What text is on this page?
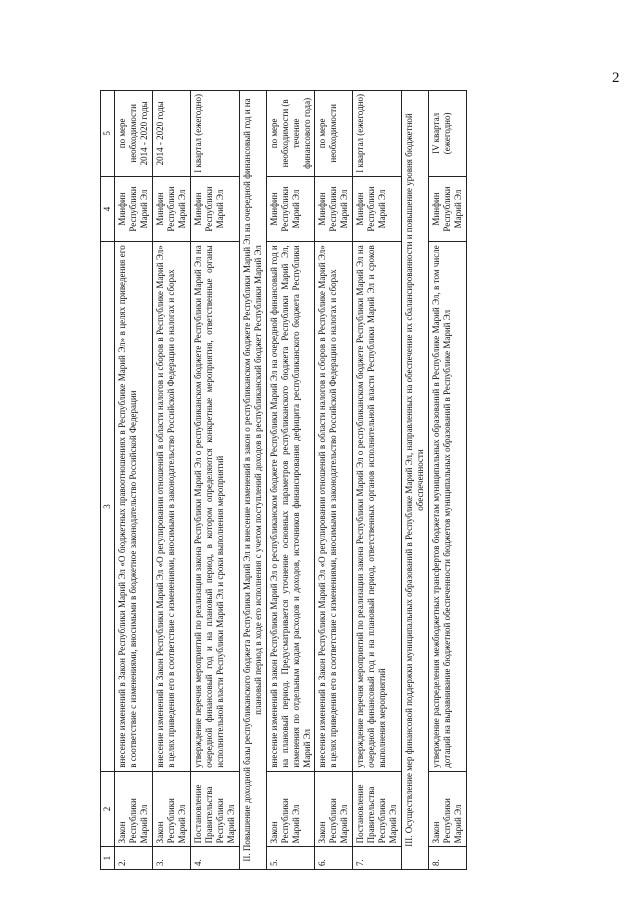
2
1	2	3	4	5
2.	Закон Республики Марий Эл	внесение изменений в Закон Республики Марий Эл «О бюджетных правоотношениях в Республике Марий Эл» в целях приведения его в соответствие с изменениями, вносимыми в бюджетное законодательство Российской Федерации	Минфин Республики Марий Эл	по мере необходимости 2014 - 2020 годы
3.	Закон Республики Марий Эл	внесение изменений в Закон Республики Марий Эл «О регулировании отношений в области налогов и сборов в Республике Марий Эл» в целях приведения его в соответствие с изменениями, вносимыми в законодательство Российской Федерации о налогах и сборах	Минфин Республики Марий Эл	2014 - 2020 годы
4.	Постановление Правительства Республики Марий Эл	утверждение перечня мероприятий по реализации закона Республики Марий Эл о республиканском бюджете Республики Марий Эл на очередной финансовый год и на плановый период, в котором определяются конкретные мероприятия, ответственные органы исполнительной власти Республики Марий Эл и сроки выполнения мероприятий	Минфин Республики Марий Эл	I квартал (ежегодно)
II. Повышение доходной базы республиканского бюджета Республики Марий Эл и внесение изменений в закон о республиканском бюджете Республики Марий Эл на очередной финансовый год и на плановый период в ходе его исполнения с учетом поступлений доходов в республиканский бюджет Республики Марий Эл				
5.	Закон Республики Марий Эл	внесение изменений в закон Республики Марий Эл о республиканском бюджете Республики Марий Эл на очередной финансовый год и на плановый период. Предусматривается уточнение основных параметров республиканского бюджета Республики Марий Эл, изменения по отдельным кодам расходов и доходов, источников финансирования дефицита республиканского бюджета Республики Марий Эл	Минфин Республики Марий Эл	по мере необходимости (в течение финансового года)
6.	Закон Республики Марий Эл	внесение изменений в Закон Республики Марий Эл «О регулировании отношений в области налогов и сборов в Республике Марий Эл» в целях приведения его в соответствие с изменениями, вносимыми в законодательство Российской Федерации о налогах и сборах	Минфин Республики Марий Эл	по мере необходимости
7.	Постановление Правительства Республики Марий Эл	утверждение перечня мероприятий по реализации закона Республики Марий Эл о республиканском бюджете Республики Марий Эл на очередной финансовый год и на плановый период, ответственных органов исполнительной власти Республики Марий Эл и сроков выполнения мероприятий	Минфин Республики Марий Эл	I квартал (ежегодно)
III. Осуществление мер финансовой поддержки муниципальных образований в Республике Марий Эл, направленных на обеспечение их сбалансированности и повышение уровня бюджетной обеспеченности				
8.	Закон Республики Марий Эл	утверждение распределения межбюджетных трансфертов бюджетам муниципальных образований в Республике Марий Эл, в том числе дотаций на выравнивание бюджетной обеспеченности бюджетов муниципальных образований в Республике Марий Эл	Минфин Республики Марий Эл	IV квартал (ежегодно)
